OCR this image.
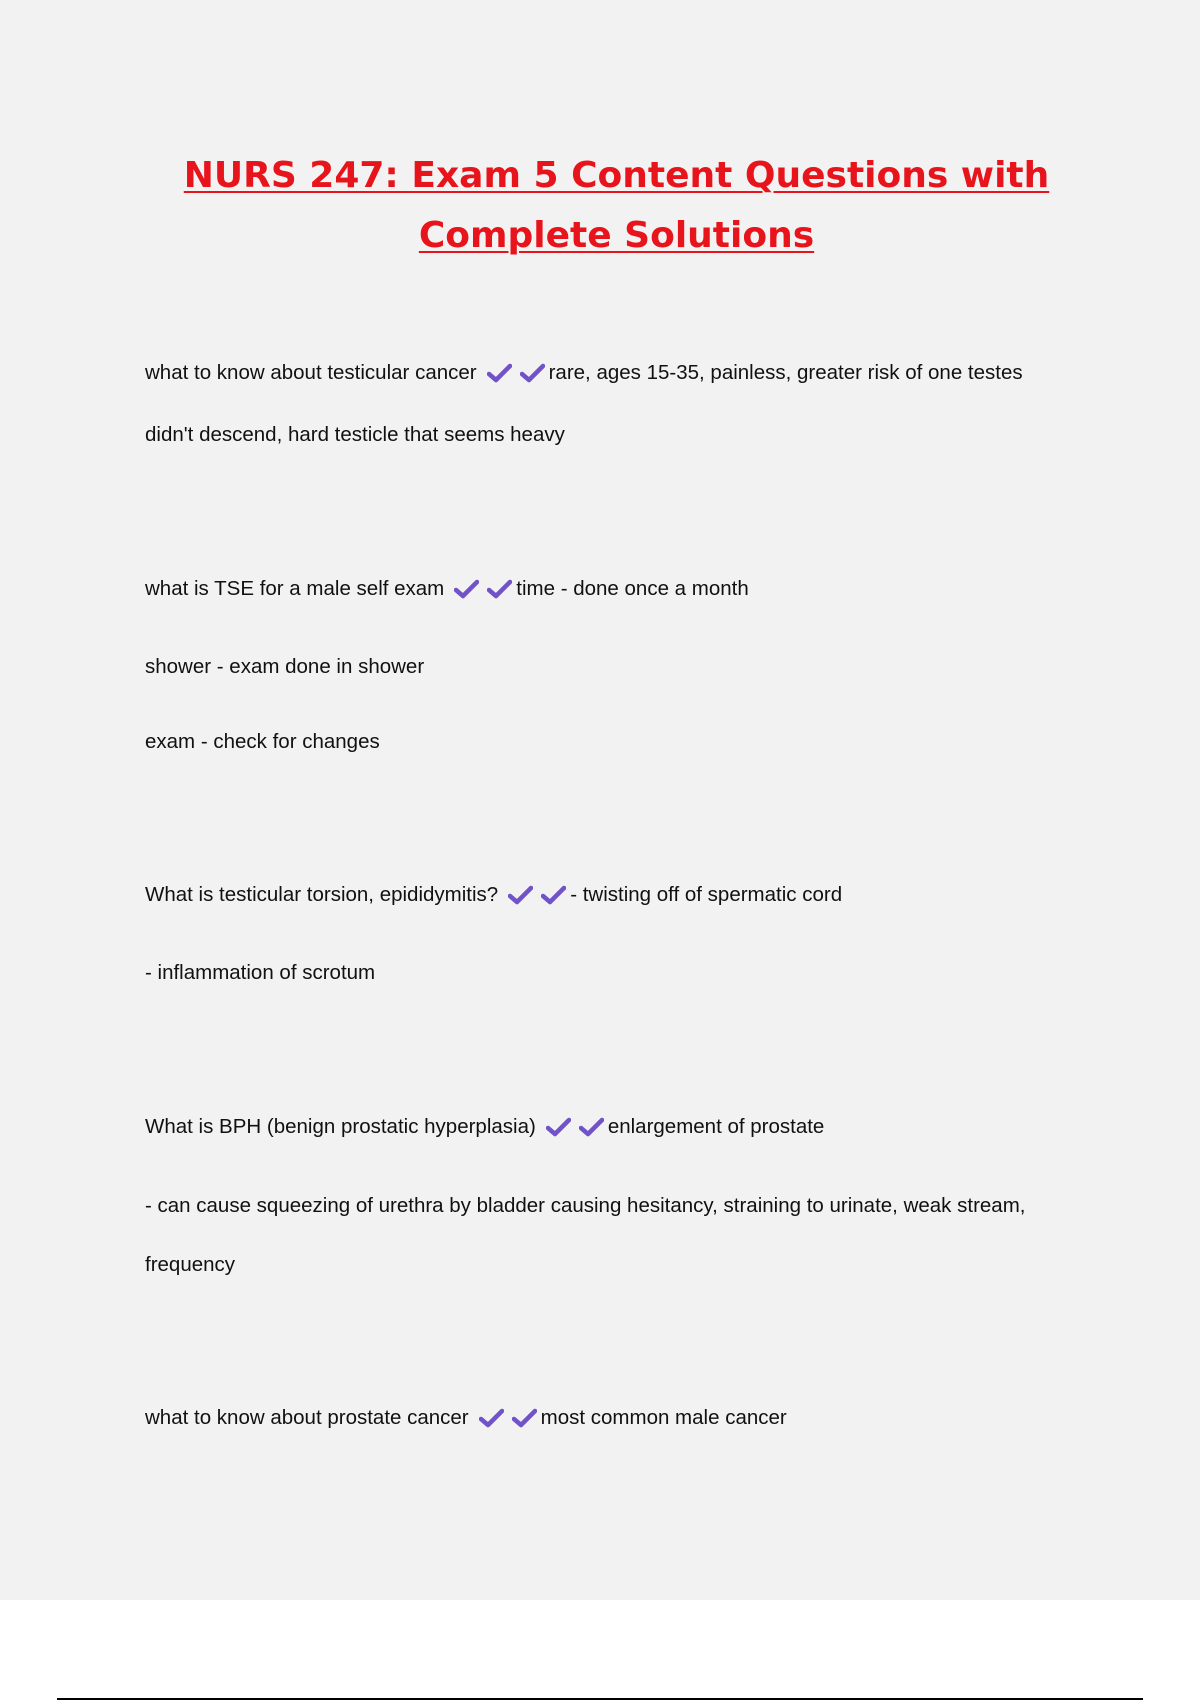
NURS 247: Exam 5 Content Questions with Complete Solutions

what to know about testicular cancer	rare, ages 15-35, painless, greater risk of one testes

didn't descend, hard testicle that seems heavy

what is TSE for a male self exam	time - done once a month

shower - exam done in shower

exam - check for changes

What is testicular torsion, epididymitis?	- twisting off of spermatic cord

- inflammation of scrotum

What is BPH (benign prostatic hyperplasia)	enlargement of prostate

- can cause squeezing of urethra by bladder causing hesitancy, straining to urinate, weak stream,

frequency

what to know about prostate cancer	most common male cancer
